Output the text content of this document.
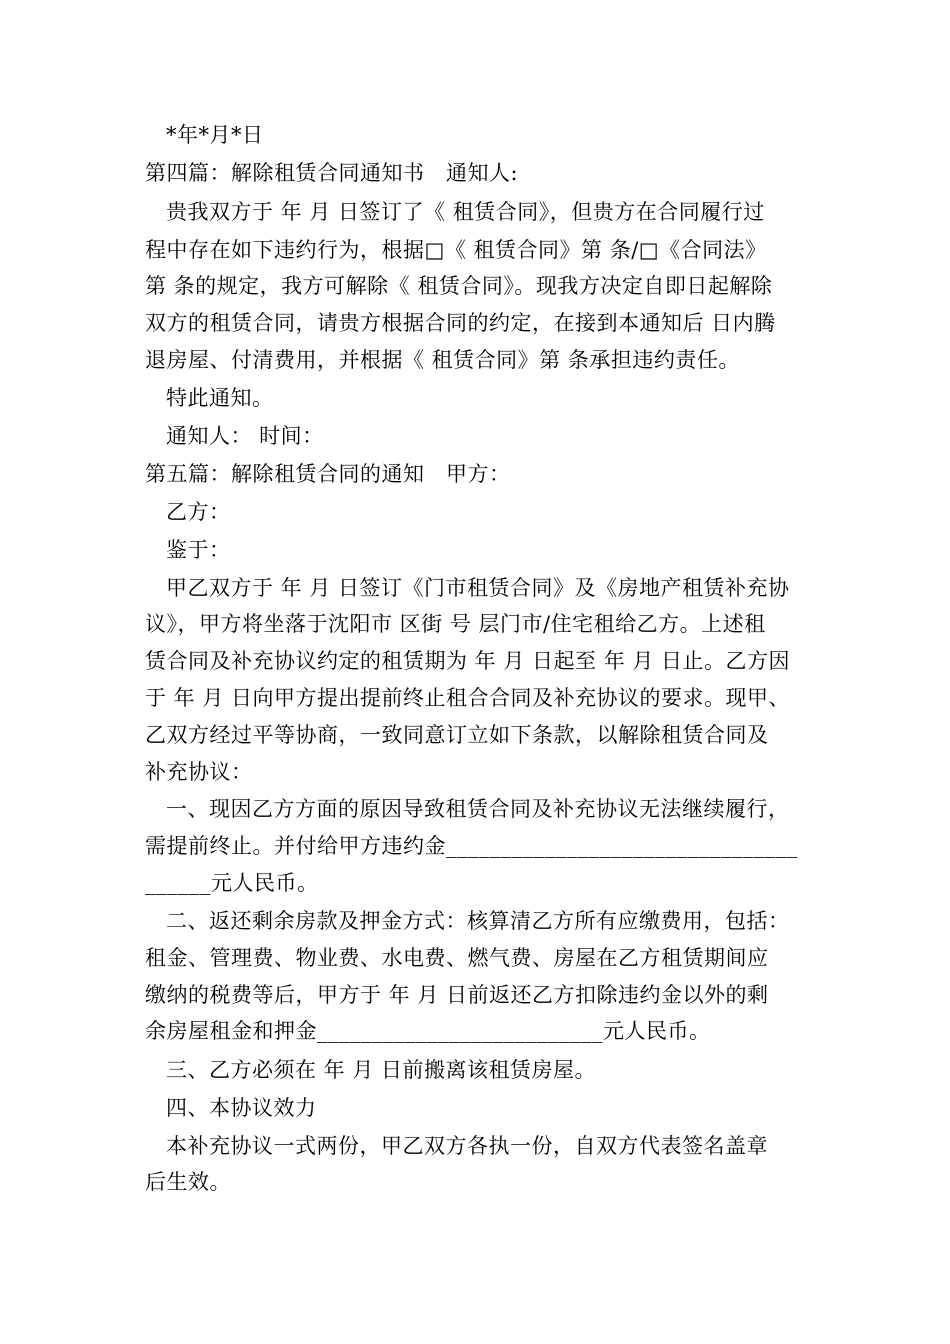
*年*月*日
第四篇：解除租赁合同通知书   通知人:
贵我双方于 年 月 日签订了《 租赁合同》，但贵方在合同履行过
程中存在如下违约行为，根据□《 租赁合同》第 条/□《合同法》
第 条的规定，我方可解除《 租赁合同》。现我方决定自即日起解除
双方的租赁合同，请贵方根据合同的约定，在接到本通知后 日内腾
退房屋、付清费用，并根据《 租赁合同》第 条承担违约责任。
特此通知。
通知人： 时间：
第五篇：解除租赁合同的通知   甲方：
乙方：
鉴于：
甲乙双方于 年 月 日签订《门市租赁合同》及《房地产租赁补充协
议》，甲方将坐落于沈阳市 区街 号 层门市/住宅租给乙方。上述租
赁合同及补充协议约定的租赁期为 年 月 日起至 年 月 日止。乙方因
于 年 月 日向甲方提出提前终止租合合同及补充协议的要求。现甲、
乙双方经过平等协商，一致同意订立如下条款，以解除租赁合同及
补充协议：
一、现因乙方方面的原因导致租赁合同及补充协议无法继续履行，
需提前终止。并付给甲方违约金________________________________
______元人民币。
二、返还剩余房款及押金方式：核算清乙方所有应缴费用，包括：
租金、管理费、物业费、水电费、燃气费、房屋在乙方租赁期间应
缴纳的税费等后，甲方于 年 月 日前返还乙方扣除违约金以外的剩
余房屋租金和押金__________________________元人民币。
三、乙方必须在 年 月 日前搬离该租赁房屋。
四、本协议效力
本补充协议一式两份，甲乙双方各执一份，自双方代表签名盖章
后生效。
